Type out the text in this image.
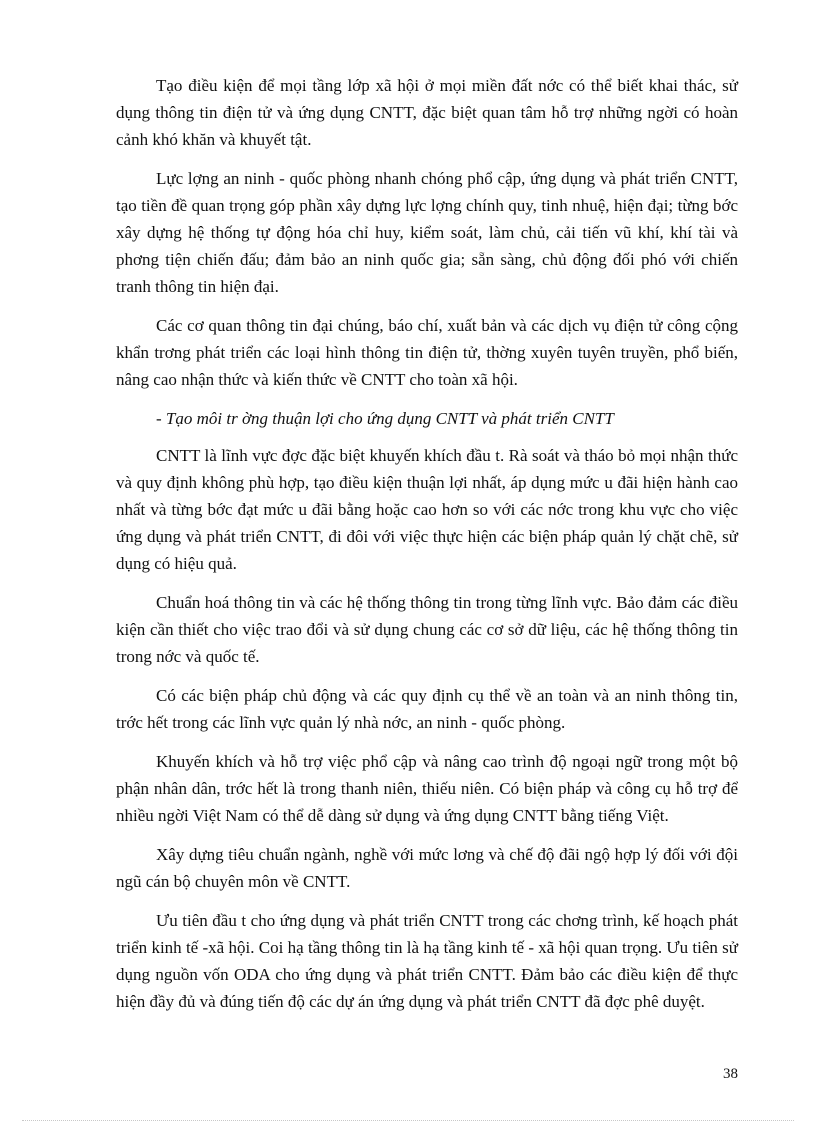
Tạo điều kiện để mọi tầng lớp xã hội ở mọi miền đất nớc có thể biết khai thác, sử dụng thông tin điện tử và ứng dụng CNTT, đặc biệt quan tâm hỗ trợ những ngời có hoàn cảnh khó khăn và khuyết tật.

Lực lợng an ninh - quốc phòng nhanh chóng phổ cập, ứng dụng và phát triển CNTT, tạo tiền đề quan trọng góp phần xây dựng lực lợng chính quy, tinh nhuệ, hiện đại; từng bớc xây dựng hệ thống tự động hóa chỉ huy, kiểm soát, làm chủ, cải tiến vũ khí, khí tài và phơng tiện chiến đấu; đảm bảo an ninh quốc gia; sẵn sàng, chủ động đối phó với chiến tranh thông tin hiện đại.

Các cơ quan thông tin đại chúng, báo chí, xuất bản và các dịch vụ điện tử công cộng khẩn trơng phát triển các loại hình thông tin điện tử, thờng xuyên tuyên truyền, phổ biến, nâng cao nhận thức và kiến thức về CNTT cho toàn xã hội.

- Tạo môi tr ờng thuận lợi cho ứng dụng CNTT và phát triển CNTT

CNTT là lĩnh vực đợc đặc biệt khuyến khích đầu t. Rà soát và tháo bỏ mọi nhận thức và quy định không phù hợp, tạo điều kiện thuận lợi nhất, áp dụng mức u đãi hiện hành cao nhất và từng bớc đạt mức u đãi bằng hoặc cao hơn so với các nớc trong khu vực cho việc ứng dụng và phát triển CNTT, đi đôi với việc thực hiện các biện pháp quản lý chặt chẽ, sử dụng có hiệu quả.

Chuẩn hoá thông tin và các hệ thống thông tin trong từng lĩnh vực. Bảo đảm các điều kiện cần thiết cho việc trao đổi và sử dụng chung các cơ sở dữ liệu, các hệ thống thông tin trong nớc và quốc tế.

Có các biện pháp chủ động và các quy định cụ thể về an toàn và an ninh thông tin, trớc hết trong các lĩnh vực quản lý nhà nớc, an ninh - quốc phòng.

Khuyến khích và hỗ trợ việc phổ cập và nâng cao trình độ ngoại ngữ trong một bộ phận nhân dân, trớc hết là trong thanh niên, thiếu niên. Có biện pháp và công cụ hỗ trợ để nhiều ngời Việt Nam có thể dễ dàng sử dụng và ứng dụng CNTT bằng tiếng Việt.

Xây dựng tiêu chuẩn ngành, nghề với mức lơng và chế độ đãi ngộ hợp lý đối với đội ngũ cán bộ chuyên môn về CNTT.

Ưu tiên đầu t cho ứng dụng và phát triển CNTT trong các chơng trình, kế hoạch phát triển kinh tế -xã hội. Coi hạ tầng thông tin là hạ tầng kinh tế - xã hội quan trọng. Ưu tiên sử dụng nguồn vốn ODA cho ứng dụng và phát triển CNTT. Đảm bảo các điều kiện để thực hiện đầy đủ và đúng tiến độ các dự án ứng dụng và phát triển CNTT đã đợc phê duyệt.

38
